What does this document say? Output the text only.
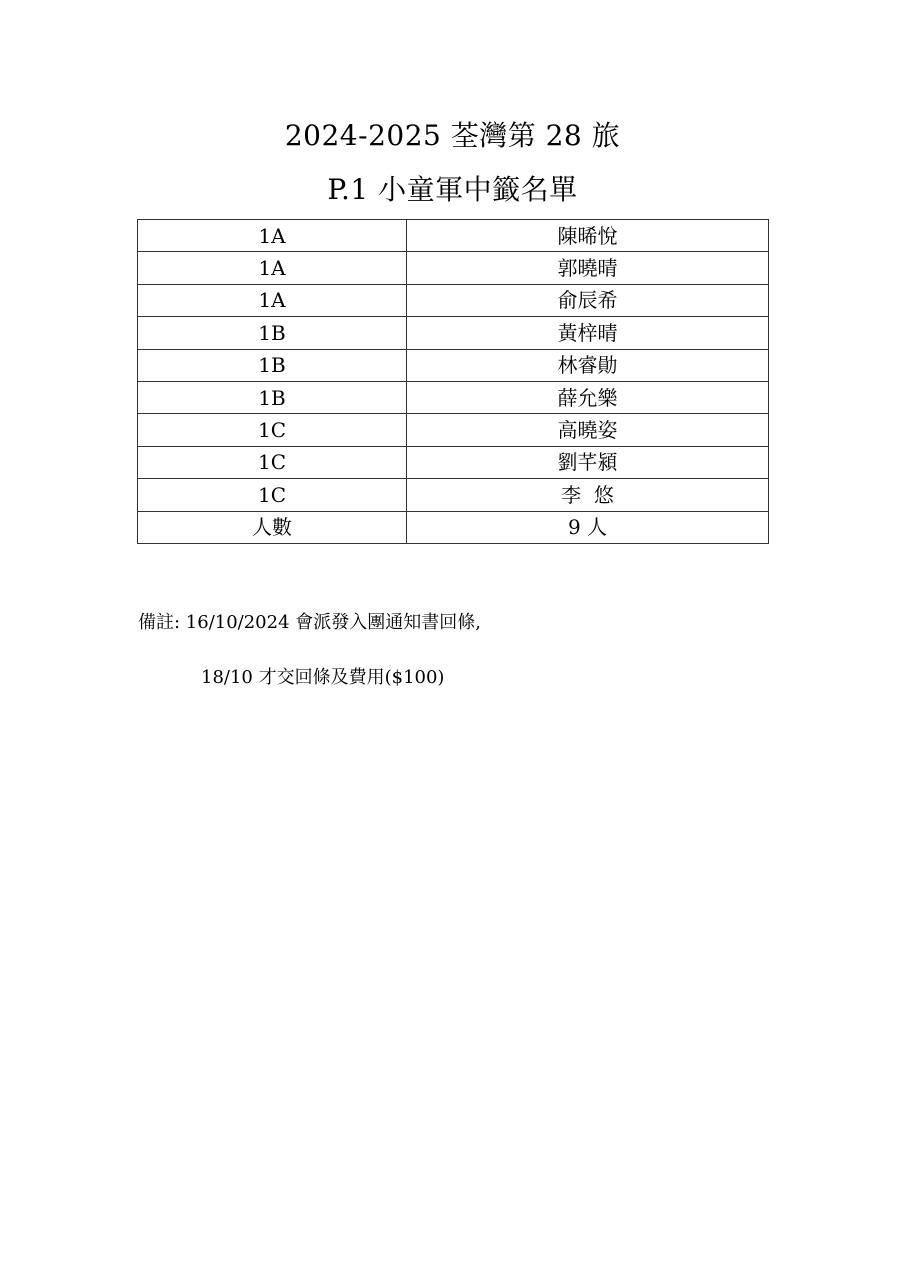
2024-2025 荃灣第 28 旅
P.1 小童軍中籤名單
1A	陳晞悅
1A	郭曉晴
1A	俞辰希
1B	黃梓晴
1B	林睿勛
1B	薛允樂
1C	高曉姿
1C	劉芊潁
1C	李  悠
人數	9 人
備註: 16/10/2024 會派發入團通知書回條,
18/10 才交回條及費用($100)
